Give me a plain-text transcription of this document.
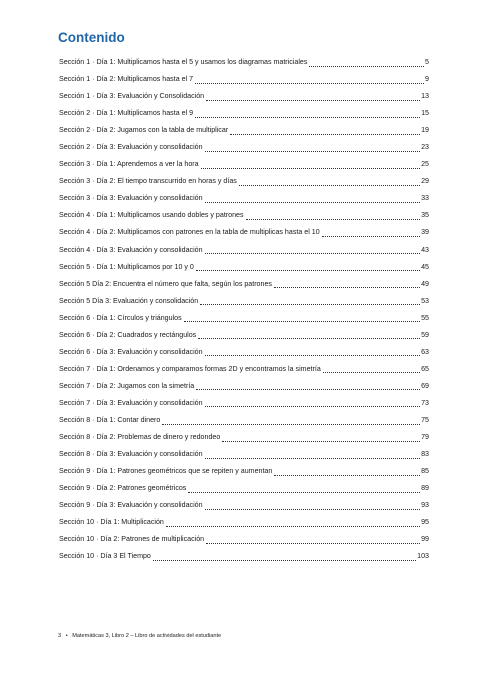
Contenido
Sección 1 · Día 1: Multiplicamos hasta el 5 y usamos los diagramas matriciales	5
Sección 1 · Día 2: Multiplicamos hasta el 7	9
Sección 1 · Día 3: Evaluación y Consolidación	13
Sección 2 · Día 1: Multiplicamos hasta el 9	15
Sección 2 · Día 2: Jugamos con la tabla de multiplicar	19
Sección 2 · Día 3: Evaluación y consolidación	23
Sección 3 · Día 1: Aprendemos a ver la hora	25
Sección 3 · Día 2: El tiempo transcurrido en horas y días	29
Sección 3 · Día 3: Evaluación y consolidación	33
Sección 4 · Día 1: Multiplicamos usando dobles y patrones	35
Sección 4 · Día 2: Multiplicamos con patrones en la tabla de multiplicas hasta el 10	39
Sección 4 · Día 3: Evaluación y consolidación	43
Sección 5 · Día 1: Multiplicamos por 10 y 0	45
Sección 5 Día 2: Encuentra el número que falta, según los patrones	49
Sección 5 Día 3: Evaluación y consolidación	53
Sección 6 · Día 1: Círculos y triángulos	55
Sección 6 · Día 2: Cuadrados y rectángulos	59
Sección 6 · Día 3: Evaluación y consolidación	63
Sección 7 · Día 1: Ordenamos y comparamos formas 2D y encontramos la simetría	65
Sección 7 · Día 2: Jugamos con la simetría	69
Sección 7 · Día 3: Evaluación y consolidación	73
Sección 8 · Día 1: Contar dinero	75
Sección 8 · Día 2: Problemas de dinero y redondeo	79
Sección 8 · Día 3: Evaluación y consolidación	83
Sección 9 · Día 1: Patrones geométricos que se repiten y aumentan	85
Sección 9 · Día 2: Patrones geométricos	89
Sección 9 · Día 3: Evaluación y consolidación	93
Sección 10 · Día 1: Multiplicación	95
Sección 10 · Día 2: Patrones de multiplicación	99
Sección 10 · Día 3 El Tiempo	103
3 • Matemáticas 3, Libro 2 – Libro de actividades del estudiante
